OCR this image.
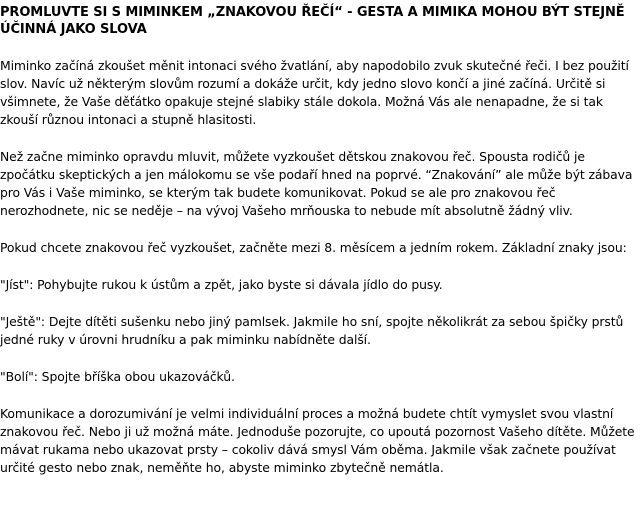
PROMLUVTE SI S MIMINKEM „ZNAKOVOU ŘEČÍ“ - GESTA A MIMIKA MOHOU BÝT STEJNĚ ÚČINNÁ JAKO SLOVA

Miminko začíná zkoušet měnit intonaci svého žvatlání, aby napodobilo zvuk skutečné řeči. I bez použití slov. Navíc už některým slovům rozumí a dokáže určit, kdy jedno slovo končí a jiné začíná. Určitě si všimnete, že Vaše děťátko opakuje stejné slabiky stále dokola. Možná Vás ale nenapadne, že si tak zkouší různou intonaci a stupně hlasitosti.

Než začne miminko opravdu mluvit, můžete vyzkoušet dětskou znakovou řeč. Spousta rodičů je zpočátku skeptických a jen málokomu se vše podaří hned na poprvé. “Znakování” ale může být zábava pro Vás i Vaše miminko, se kterým tak budete komunikovat. Pokud se ale pro znakovou řeč nerozhodnete, nic se neděje – na vývoj Vašeho mrňouska to nebude mít absolutně žádný vliv.

Pokud chcete znakovou řeč vyzkoušet, začněte mezi 8. měsícem a jedním rokem. Základní znaky jsou:

"Jíst": Pohybujte rukou k ústům a zpět, jako byste si dávala jídlo do pusy.

"Ještě": Dejte dítěti sušenku nebo jiný pamlsek. Jakmile ho sní, spojte několikrát za sebou špičky prstů jedné ruky v úrovni hrudníku a pak miminku nabídněte další.

"Bolí": Spojte bříška obou ukazováčků.

Komunikace a dorozumivání je velmi individuální proces a možná budete chtít vymyslet svou vlastní znakovou řeč. Nebo ji už možná máte. Jednoduše pozorujte, co upoutá pozornost Vašeho dítěte. Můžete mávat rukama nebo ukazovat prsty – cokoliv dává smysl Vám oběma. Jakmile však začnete používat určité gesto nebo znak, neměňte ho, abyste miminko zbytečně nemátla.
